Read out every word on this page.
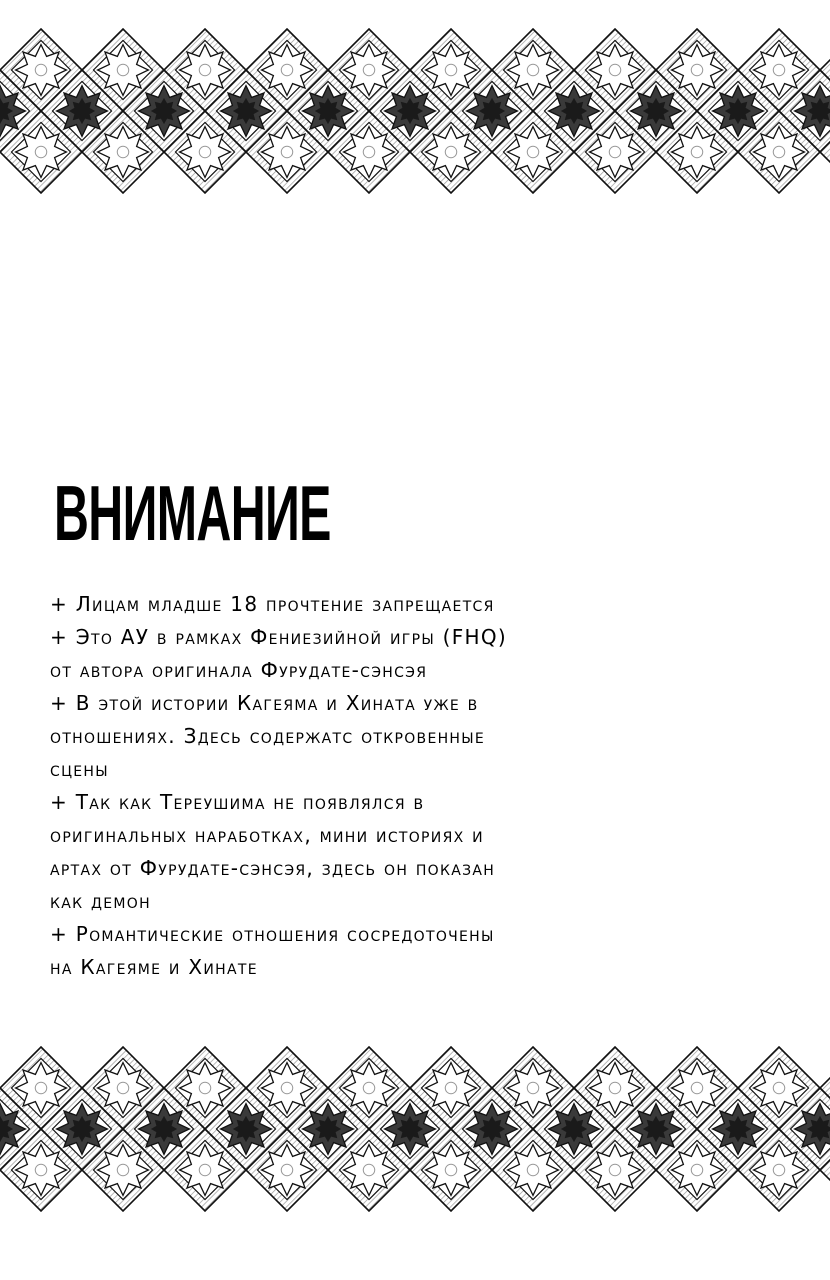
ВНИМАНИЕ
+ Лицам младше 18 прочтение запрещается
+ Это АУ в рамках Фениезийной игры (FHQ)
от автора оригинала Фурудате-сэнсэя
+ В этой истории Кагеяма и Хината уже в
отношениях. Здесь содержатс откровенные
сцены
+ Так как Тереушима не появлялся в
оригинальных наработках, мини историях и
артах от Фурудате-сэнсэя, здесь он показан
как демон
+ Романтические отношения сосредоточены
на Кагеяме и Хинате
